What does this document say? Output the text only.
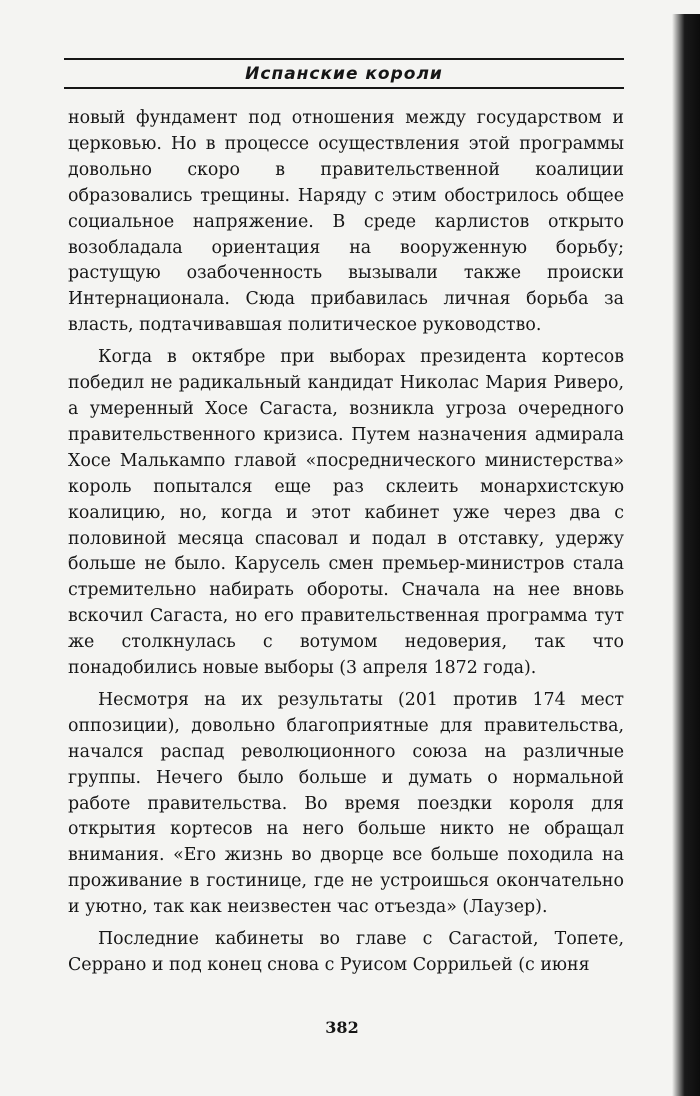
Испанские короли

новый фундамент под отношения между государством и церковью. Но в процессе осуществления этой программы довольно скоро в правительственной коалиции образовались трещины. Наряду с этим обострилось общее социальное напряжение. В среде карлистов открыто возобладала ориентация на вооруженную борьбу; растущую озабоченность вызывали также происки Интернационала. Сюда прибавилась личная борьба за власть, подтачивавшая политическое руководство.

Когда в октябре при выборах президента кортесов победил не радикальный кандидат Николас Мария Риверо, а умеренный Хосе Сагаста, возникла угроза очередного правительственного кризиса. Путем назначения адмирала Хосе Малькампо главой «посреднического министерства» король попытался еще раз склеить монархистскую коалицию, но, когда и этот кабинет уже через два с половиной месяца спасовал и подал в отставку, удержу больше не было. Карусель смен премьер-министров стала стремительно набирать обороты. Сначала на нее вновь вскочил Сагаста, но его правительственная программа тут же столкнулась с вотумом недоверия, так что понадобились новые выборы (3 апреля 1872 года).

Несмотря на их результаты (201 против 174 мест оппозиции), довольно благоприятные для правительства, начался распад революционного союза на различные группы. Нечего было больше и думать о нормальной работе правительства. Во время поездки короля для открытия кортесов на него больше никто не обращал внимания. «Его жизнь во дворце все больше походила на проживание в гостинице, где не устроишься окончательно и уютно, так как неизвестен час отъезда» (Лаузер).

Последние кабинеты во главе с Сагастой, Топете, Серрано и под конец снова с Руисом Соррильей (с июня

382
